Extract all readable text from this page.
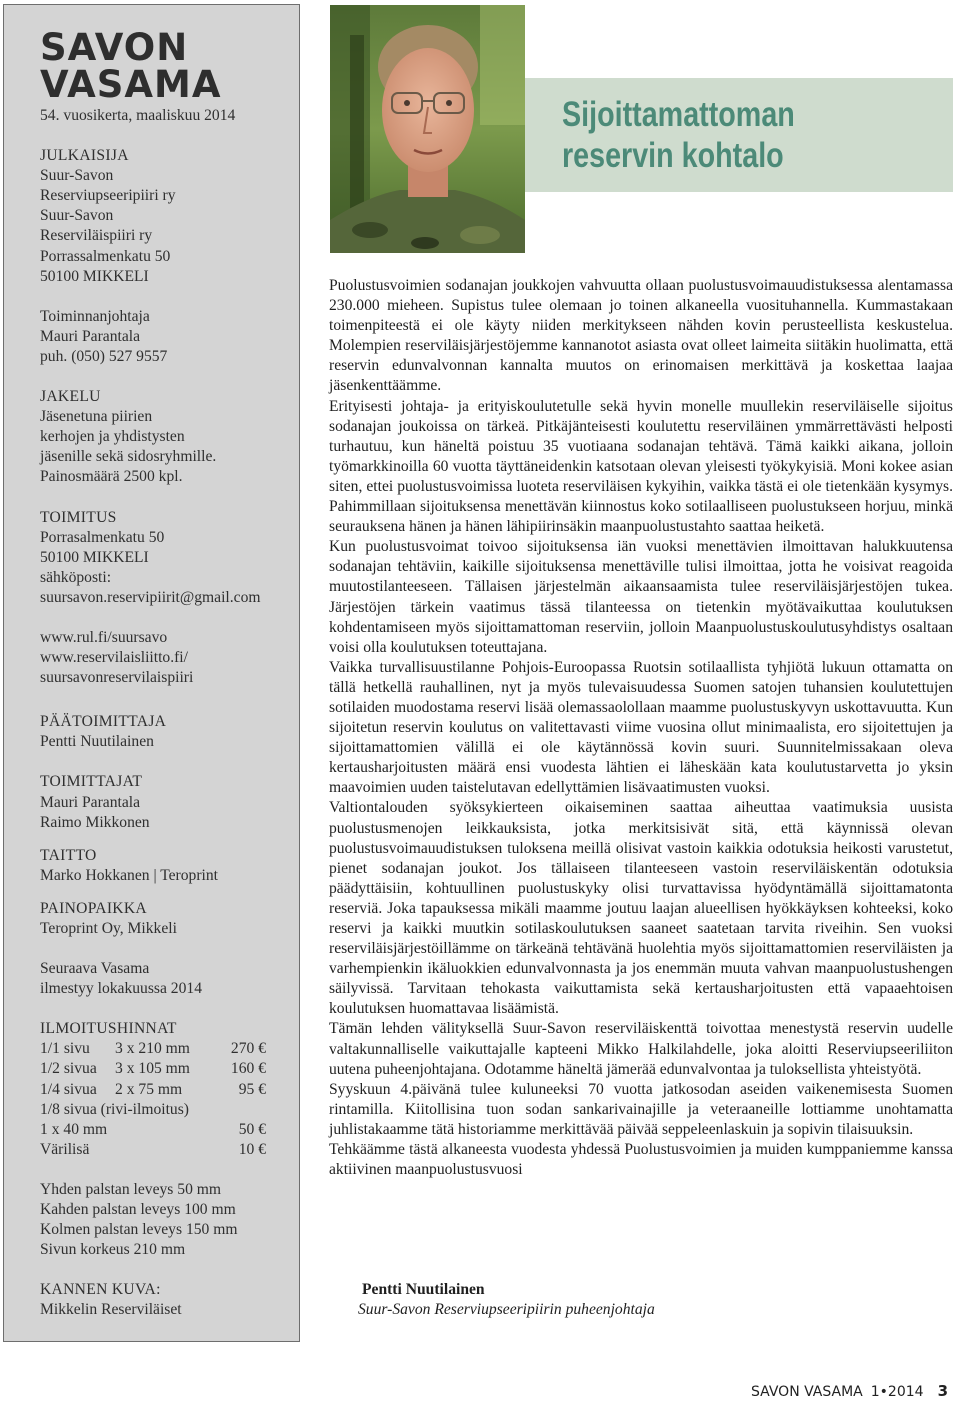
SAVON
VASAMA

54. vuosikerta, maaliskuu 2014

JULKAISIJA

Suur-Savon
Reserviupseeripiiri ry
Suur-Savon
Reserviläispiiri ry
Porrassalmenkatu 50
50100 MIKKELI

Toiminnanjohtaja
Mauri Parantala
puh. (050) 527 9557

JAKELU

Jäsenetuna piirien
kerhojen ja yhdistysten
jäsenille sekä sidosryhmille.
Painosmäärä 2500 kpl.

TOIMITUS

Porrasalmenkatu 50
50100 MIKKELI
sähköposti:
suursavon.reservipiirit@gmail.com

www.rul.fi/suursavo
www.reservilaisliitto.fi/
suursavonreservilaispiiri

PÄÄTOIMITTAJA

Pentti Nuutilainen

TOIMITTAJAT

Mauri Parantala
Raimo Mikkonen

TAITTO

Marko Hokkanen | Teroprint

PAINOPAIKKA

Teroprint Oy, Mikkeli

Seuraava Vasama
ilmestyy lokakuussa 2014

ILMOITUSHINNAT

1/1 sivu	3 x 210 mm	270 €
1/2 sivua	3 x 105 mm	160 €
1/4 sivua	2 x 75 mm	95 €

1/8 sivua (rivi-ilmoitus)

1 x 40 mm	50 €
Värilisä	10 €

Yhden palstan leveys 50 mm
Kahden palstan leveys 100 mm
Kolmen palstan leveys 150 mm
Sivun korkeus 210 mm

KANNEN KUVA:

Mikkelin Reserviläiset

Sijoittamattoman
reservin kohtalo

Puolustusvoimien sodanajan joukkojen vahvuutta ollaan puolustusvoimauudistuksessa alentamassa 230.000 mieheen. Supistus tulee olemaan jo toinen alkaneella vuosituhannella. Kummastakaan toimenpiteestä ei ole käyty niiden merkitykseen nähden kovin perusteellista keskustelua. Molempien reserviläisjärjestöjemme kannanotot asiasta ovat olleet laimeita siitäkin huolimatta, että reservin edunvalvonnan kannalta muutos on erinomaisen merkittävä ja koskettaa laajaa jäsenkenttäämme.

Erityisesti johtaja- ja erityiskoulutetulle sekä hyvin monelle muullekin reserviläiselle sijoitus sodanajan joukoissa on tärkeä. Pitkäjänteisesti koulutettu reserviläinen ymmärrettävästi helposti turhautuu, kun häneltä poistuu 35 vuotiaana sodanajan tehtävä. Tämä kaikki aikana, jolloin työmarkkinoilla 60 vuotta täyttäneidenkin katsotaan olevan yleisesti työkykyisiä. Moni kokee asian siten, ettei puolustusvoimissa luoteta reserviläisen kykyihin, vaikka tästä ei ole tietenkään kysymys. Pahimmillaan sijoituksensa menettävän kiinnostus koko sotilaalliseen puolustukseen horjuu, minkä seurauksena hänen ja hänen lähipiirinsäkin maanpuolustustahto saattaa heiketä.

Kun puolustusvoimat toivoo sijoituksensa iän vuoksi menettävien ilmoittavan halukkuutensa sodanajan tehtäviin, kaikille sijoituksensa menettäville tulisi ilmoittaa, jotta he voisivat reagoida muutostilanteeseen. Tällaisen järjestelmän aikaansaamista tulee reserviläisjärjestöjen tukea. Järjestöjen tärkein vaatimus tässä tilanteessa on tietenkin myötävaikuttaa koulutuksen kohdentamiseen myös sijoittamattoman reserviin, jolloin Maanpuolustuskoulutusyhdistys osaltaan voisi olla koulutuksen toteuttajana.

Vaikka turvallisuustilanne Pohjois-Euroopassa Ruotsin sotilaallista tyhjiötä lukuun ottamatta on tällä hetkellä rauhallinen, nyt ja myös tulevaisuudessa Suomen satojen tuhansien koulutettujen sotilaiden muodostama reservi lisää olemassaolollaan maamme puolustuskyvyn uskottavuutta. Kun sijoitetun reservin koulutus on valitettavasti viime vuosina ollut minimaalista, ero sijoitettujen ja sijoittamattomien välillä ei ole käytännössä kovin suuri. Suunnitelmissakaan oleva kertausharjoitusten määrä ensi vuodesta lähtien ei läheskään kata koulutustarvetta jo yksin maavoimien uuden taistelutavan edellyttämien lisävaatimusten vuoksi.

Valtiontalouden syöksykierteen oikaiseminen saattaa aiheuttaa vaatimuksia uusista puolustusmenojen leikkauksista, jotka merkitsisivät sitä, että käynnissä olevan puolustusvoimauudistuksen tuloksena meillä olisivat vastoin kaikkia odotuksia heikosti varustetut, pienet sodanajan joukot. Jos tällaiseen tilanteeseen vastoin reserviläiskentän odotuksia päädyttäisiin, kohtuullinen puolustuskyky olisi turvattavissa hyödyntämällä sijoittamatonta reserviä. Joka tapauksessa mikäli maamme joutuu laajan alueellisen hyökkäyksen kohteeksi, koko reservi ja kaikki muutkin sotilaskoulutuksen saaneet saatetaan tarvita riveihin. Sen vuoksi reserviläisjärjestöillämme on tärkeänä tehtävänä huolehtia myös sijoittamattomien reserviläisten ja varhempienkin ikäluokkien edunvalvonnasta ja jos enemmän muuta vahvan maanpuolustushengen säilyvissä. Tarvitaan tehokasta vaikuttamista sekä kertausharjoitusten että vapaaehtoisen koulutuksen huomattavaa lisäämistä.

Tämän lehden välityksellä Suur-Savon reserviläiskenttä toivottaa menestystä reservin uudelle valtakunnalliselle vaikuttajalle kapteeni Mikko Halkilahdelle, joka aloitti Reserviupseeriliiton uutena puheenjohtajana. Odotamme häneltä jämerää edunvalvontaa ja tuloksellista yhteistyötä.

Syyskuun 4.päivänä tulee kuluneeksi 70 vuotta jatkosodan aseiden vaikenemisesta Suomen rintamilla. Kiitollisina tuon sodan sankarivainajille ja veteraaneille lottiamme unohtamatta juhlistakaamme tätä historiamme merkittävää päivää seppeleenlaskuin ja sopivin tilaisuuksin.

Tehkäämme tästä alkaneesta vuodesta yhdessä Puolustusvoimien ja muiden kumppaniemme kanssa aktiivinen maanpuolustusvuosi

Pentti Nuutilainen

Suur-Savon Reserviupseeripiirin puheenjohtaja

SAVON VASAMA 1•2014 3
